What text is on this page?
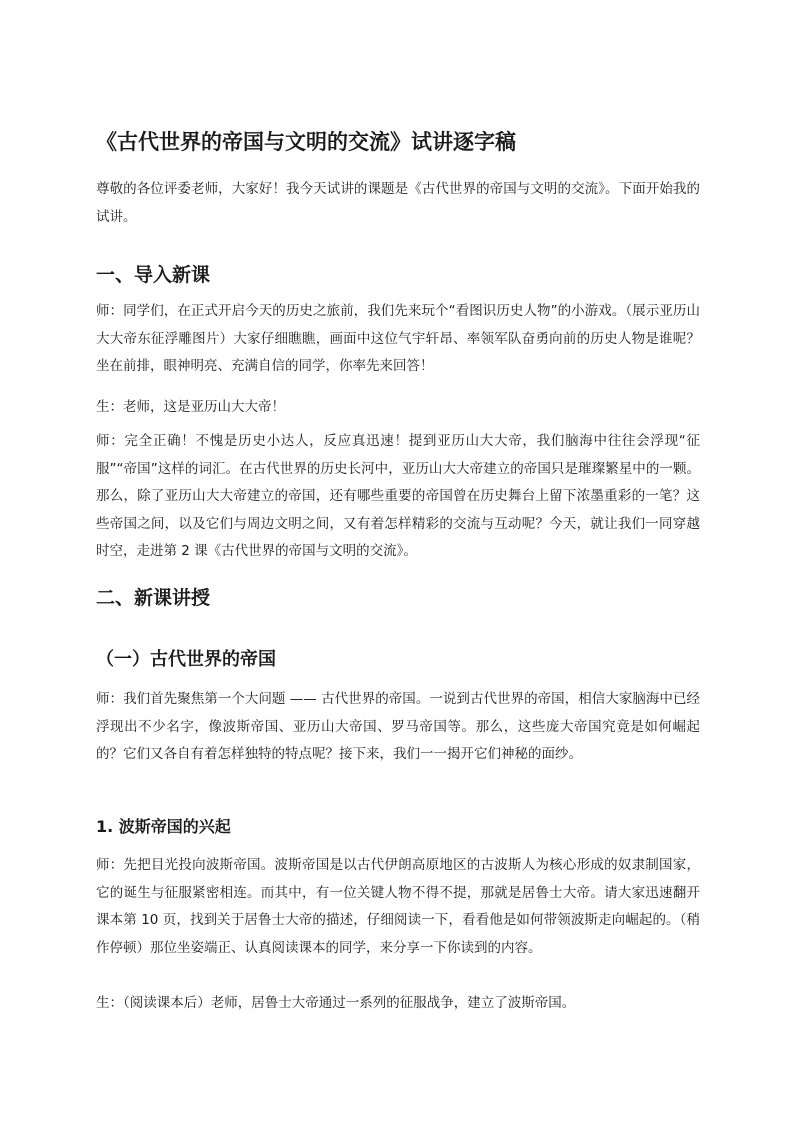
《古代世界的帝国与文明的交流》试讲逐字稿

尊敬的各位评委老师，大家好！我今天试讲的课题是《古代世界的帝国与文明的交流》。下面开始我的试讲。

一、导入新课

师：同学们，在正式开启今天的历史之旅前，我们先来玩个“看图识历史人物”的小游戏。（展示亚历山大大帝东征浮雕图片）大家仔细瞧瞧，画面中这位气宇轩昂、率领军队奋勇向前的历史人物是谁呢？坐在前排，眼神明亮、充满自信的同学，你率先来回答！

生：老师，这是亚历山大大帝！

师：完全正确！不愧是历史小达人，反应真迅速！提到亚历山大大帝，我们脑海中往往会浮现“征服”“帝国”这样的词汇。在古代世界的历史长河中，亚历山大大帝建立的帝国只是璀璨繁星中的一颗。那么，除了亚历山大大帝建立的帝国，还有哪些重要的帝国曾在历史舞台上留下浓墨重彩的一笔？这些帝国之间，以及它们与周边文明之间，又有着怎样精彩的交流与互动呢？今天，就让我们一同穿越时空，走进第 2 课《古代世界的帝国与文明的交流》。

二、新课讲授
（一）古代世界的帝国

师：我们首先聚焦第一个大问题 —— 古代世界的帝国。一说到古代世界的帝国，相信大家脑海中已经浮现出不少名字，像波斯帝国、亚历山大帝国、罗马帝国等。那么，这些庞大帝国究竟是如何崛起的？它们又各自有着怎样独特的特点呢？接下来，我们一一揭开它们神秘的面纱。

1. 波斯帝国的兴起

师：先把目光投向波斯帝国。波斯帝国是以古代伊朗高原地区的古波斯人为核心形成的奴隶制国家，它的诞生与征服紧密相连。而其中，有一位关键人物不得不提，那就是居鲁士大帝。请大家迅速翻开课本第 10 页，找到关于居鲁士大帝的描述，仔细阅读一下，看看他是如何带领波斯走向崛起的。（稍作停顿）那位坐姿端正、认真阅读课本的同学，来分享一下你读到的内容。

生：（阅读课本后）老师，居鲁士大帝通过一系列的征服战争，建立了波斯帝国。
